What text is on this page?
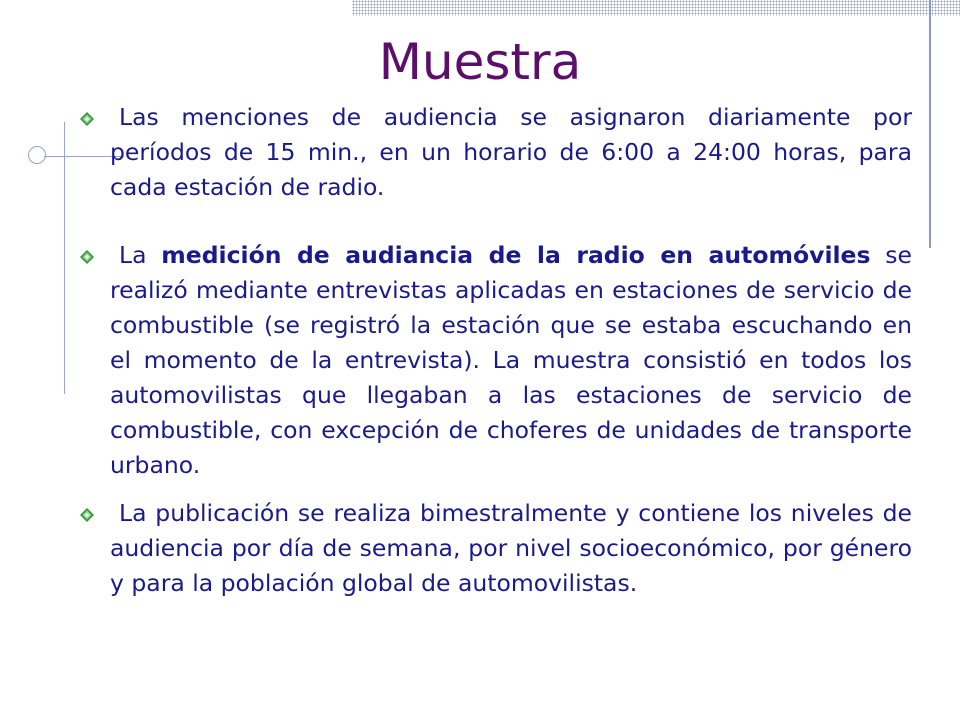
Muestra
Las menciones de audiencia se asignaron diariamente por períodos de 15 min., en un horario de 6:00 a 24:00 horas, para cada estación de radio.
La medición de audiancia de la radio en automóviles se realizó mediante entrevistas aplicadas en estaciones de servicio de combustible (se registró la estación que se estaba escuchando en el momento de la entrevista). La muestra consistió en todos los automovilistas que llegaban a las estaciones de servicio de combustible, con excepción de choferes de unidades de transporte urbano.
La publicación se realiza bimestralmente y contiene los niveles de audiencia por día de semana, por nivel socioeconómico, por género y para la población global de automovilistas.
